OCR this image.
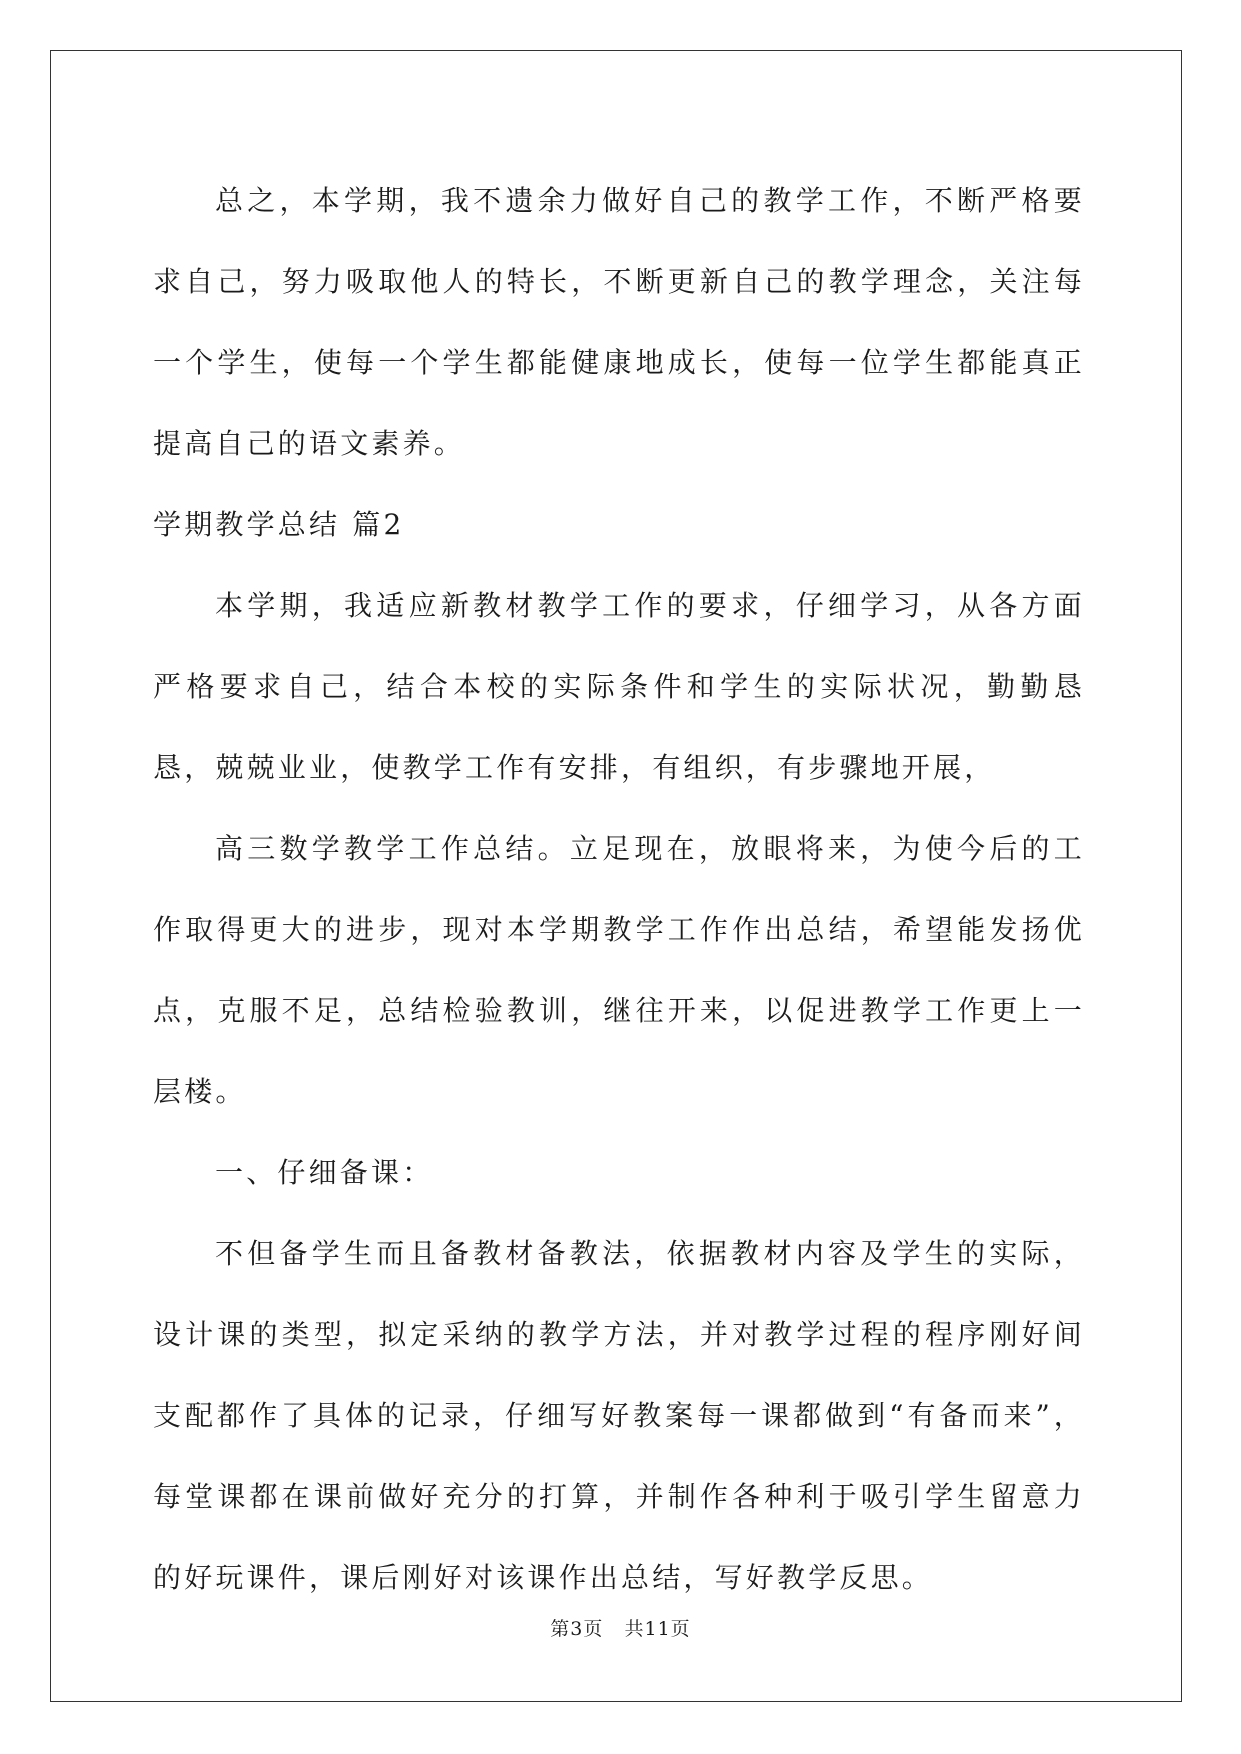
总之，本学期，我不遗余力做好自己的教学工作，不断严格要求自己，努力吸取他人的特长，不断更新自己的教学理念，关注每一个学生，使每一个学生都能健康地成长，使每一位学生都能真正提高自己的语文素养。

学期教学总结 篇2

本学期，我适应新教材教学工作的要求，仔细学习，从各方面严格要求自己，结合本校的实际条件和学生的实际状况，勤勤恳恳，兢兢业业，使教学工作有安排，有组织，有步骤地开展，

高三数学教学工作总结。立足现在，放眼将来，为使今后的工作取得更大的进步，现对本学期教学工作作出总结，希望能发扬优点，克服不足，总结检验教训，继往开来，以促进教学工作更上一层楼。

一、仔细备课：

不但备学生而且备教材备教法，依据教材内容及学生的实际，设计课的类型，拟定采纳的教学方法，并对教学过程的程序刚好间支配都作了具体的记录，仔细写好教案每一课都做到“有备而来”，每堂课都在课前做好充分的打算，并制作各种利于吸引学生留意力的好玩课件，课后刚好对该课作出总结，写好教学反思。

第3页   共11页
